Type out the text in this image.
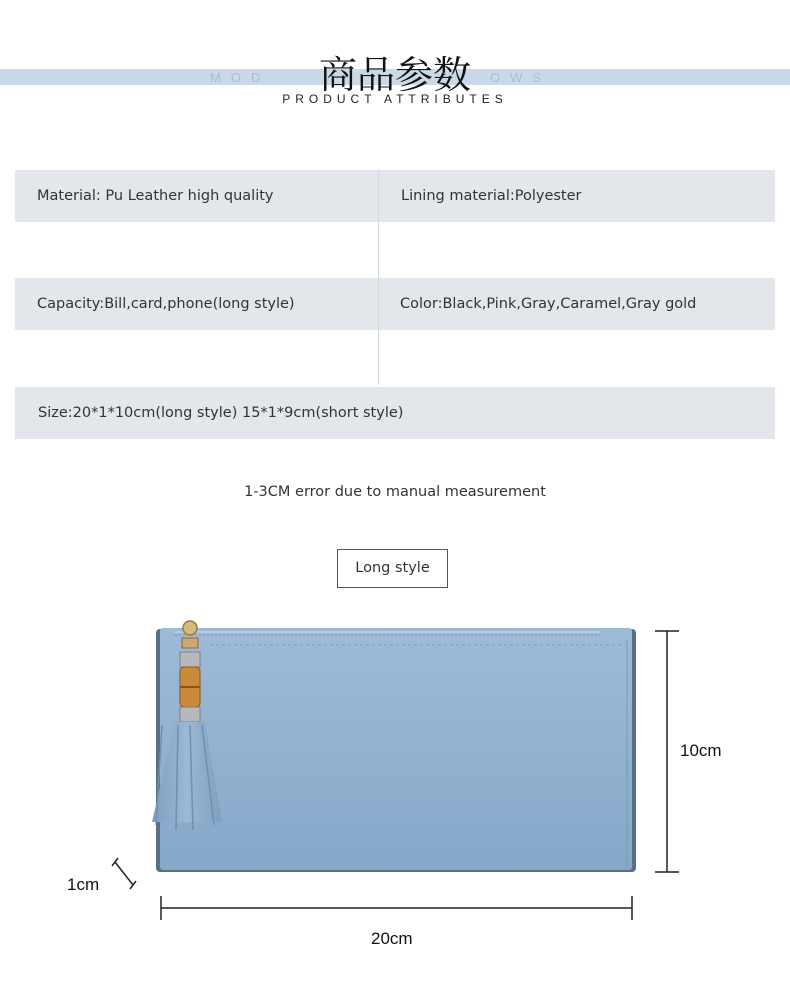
MOD	OWS
商品参数
PRODUCT ATTRIBUTES
Material: Pu Leather high quality	Lining material:Polyester
Capacity:Bill,card,phone(long style)	Color:Black,Pink,Gray,Caramel,Gray gold
Size:20*1*10cm(long style) 15*1*9cm(short style)
1-3CM error due to manual measurement
Long style
10cm
20cm
1cm
